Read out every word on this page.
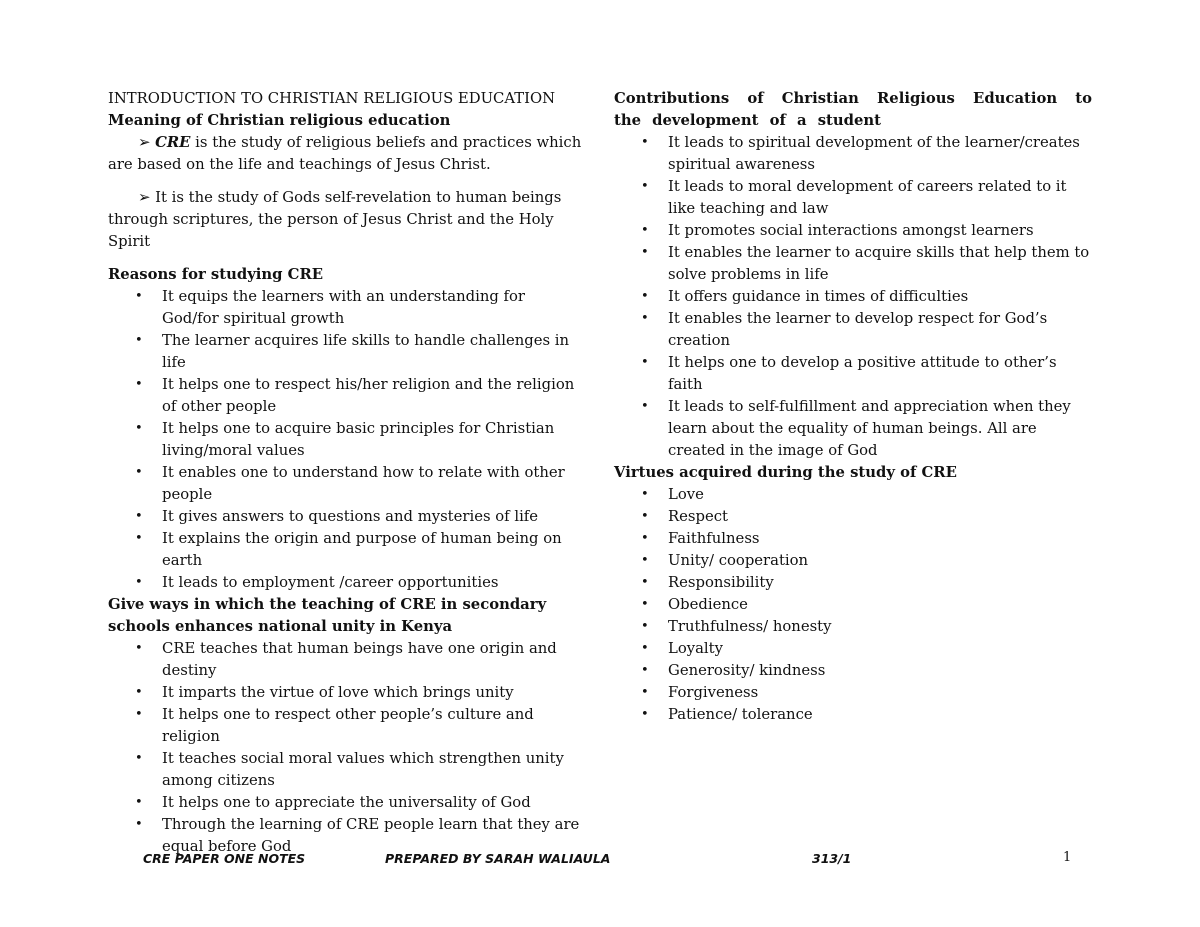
INTRODUCTION TO CHRISTIAN RELIGIOUS EDUCATION

Meaning of Christian religious education

➢ CRE is the study of religious beliefs and practices which are based on the life and teachings of Jesus Christ.

➢ It is the study of Gods self-revelation to human beings through scriptures, the person of Jesus Christ and the Holy Spirit

Reasons for studying CRE

• It equips the learners with an understanding for God/for spiritual growth
• The learner acquires life skills to handle challenges in life
• It helps one to respect his/her religion and the religion of other people
• It helps one to acquire basic principles for Christian living/moral values
• It enables one to understand how to relate with other people
• It gives answers to questions and mysteries of life
• It explains the origin and purpose of human being on earth
• It leads to employment /career opportunities

Give ways in which the teaching of CRE in secondary schools enhances national unity in Kenya

• CRE teaches that human beings have one origin and destiny
• It imparts the virtue of love which brings unity
• It helps one to respect other people’s culture and religion
• It teaches social moral values which strengthen unity among citizens
• It helps one to appreciate the universality of God
• Through the learning of CRE people learn that they are equal before God

Contributions of Christian Religious Education to the development of a student

• It leads to spiritual development of the learner/creates spiritual awareness
• It leads to moral development of careers related to it like teaching and law
• It promotes social interactions amongst learners
• It enables the learner to acquire skills that help them to solve problems in life
• It offers guidance in times of difficulties
• It enables the learner to develop respect for God’s creation
• It helps one to develop a positive attitude to other’s faith
• It leads to self-fulfillment and appreciation when they learn about the equality of human beings. All are created in the image of God

Virtues acquired during the study of CRE

• Love
• Respect
• Faithfulness
• Unity/ cooperation
• Responsibility
• Obedience
• Truthfulness/ honesty
• Loyalty
• Generosity/ kindness
• Forgiveness
• Patience/ tolerance
CRE PAPER ONE NOTES	PREPARED BY SARAH WALIAULA	313/1	1
